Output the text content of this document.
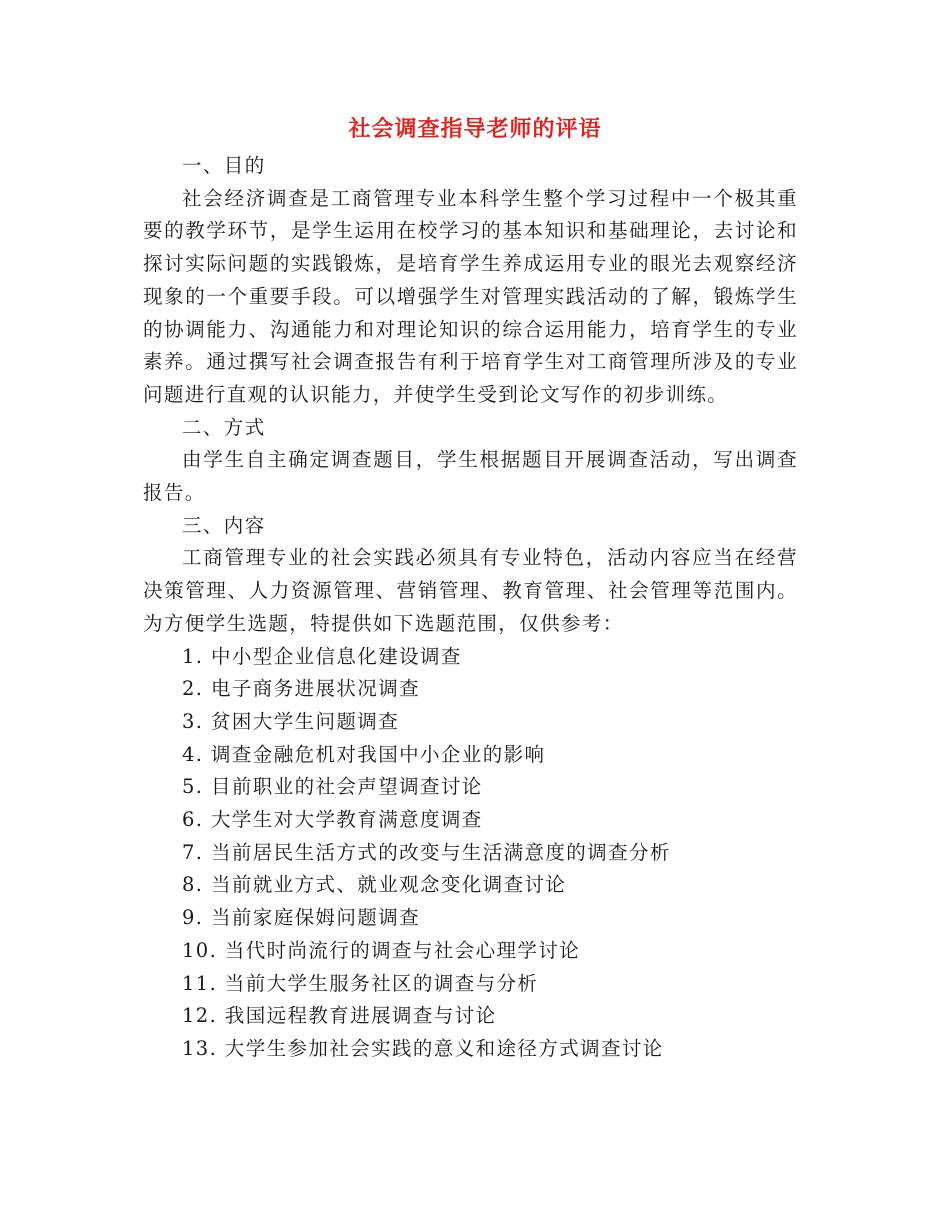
社会调查指导老师的评语

一、目的

社会经济调查是工商管理专业本科学生整个学习过程中一个极其重要的教学环节，是学生运用在校学习的基本知识和基础理论，去讨论和探讨实际问题的实践锻炼，是培育学生养成运用专业的眼光去观察经济现象的一个重要手段。可以增强学生对管理实践活动的了解，锻炼学生的协调能力、沟通能力和对理论知识的综合运用能力，培育学生的专业素养。通过撰写社会调查报告有利于培育学生对工商管理所涉及的专业问题进行直观的认识能力，并使学生受到论文写作的初步训练。

二、方式

由学生自主确定调查题目，学生根据题目开展调查活动，写出调查报告。

三、内容

工商管理专业的社会实践必须具有专业特色，活动内容应当在经营决策管理、人力资源管理、营销管理、教育管理、社会管理等范围内。为方便学生选题，特提供如下选题范围，仅供参考：

1. 中小型企业信息化建设调查
2. 电子商务进展状况调查
3. 贫困大学生问题调查
4. 调查金融危机对我国中小企业的影响
5. 目前职业的社会声望调查讨论
6. 大学生对大学教育满意度调查
7. 当前居民生活方式的改变与生活满意度的调查分析
8. 当前就业方式、就业观念变化调查讨论
9. 当前家庭保姆问题调查
10. 当代时尚流行的调查与社会心理学讨论
11. 当前大学生服务社区的调查与分析
12. 我国远程教育进展调查与讨论
13. 大学生参加社会实践的意义和途径方式调查讨论
